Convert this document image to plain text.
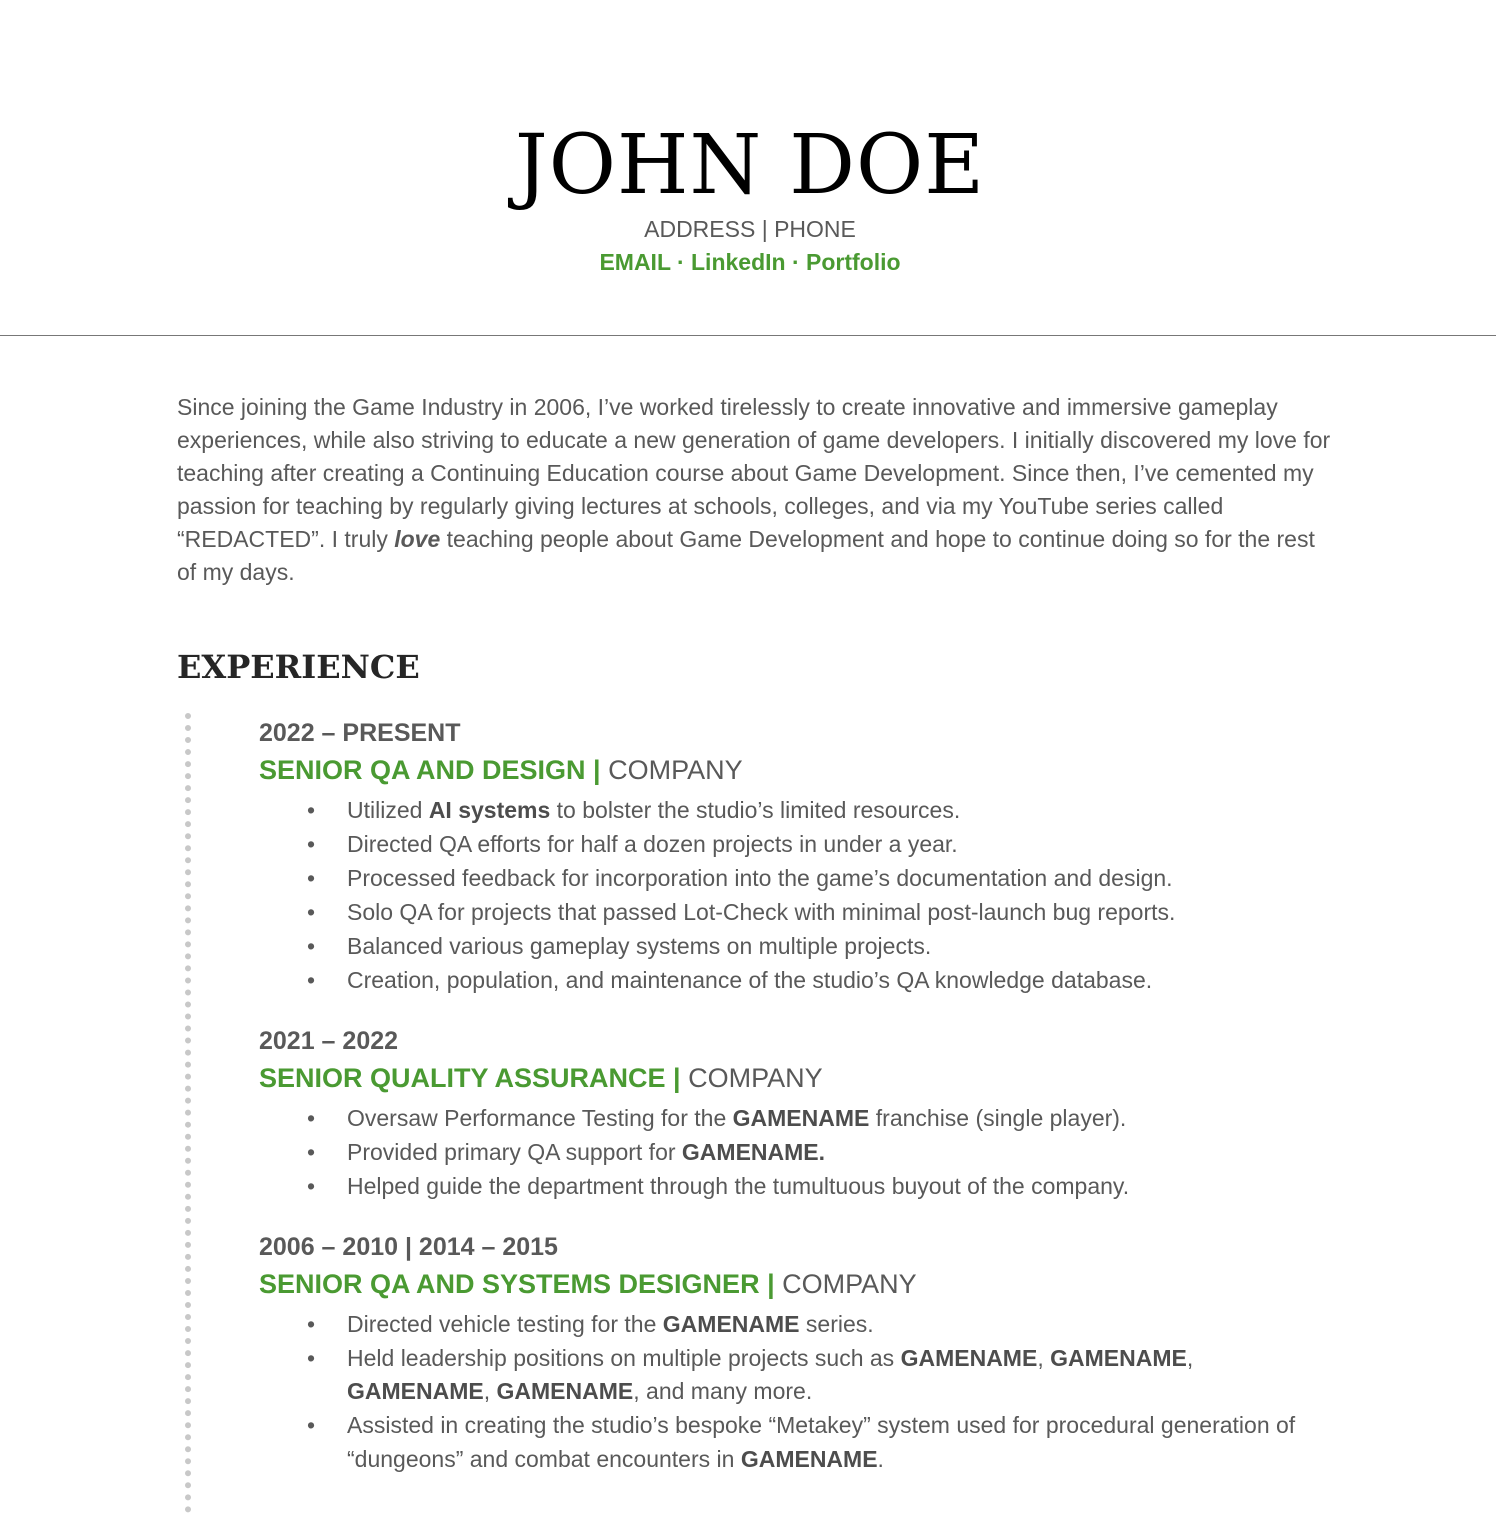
JOHN DOE
ADDRESS | PHONE
EMAIL · LinkedIn · Portfolio
Since joining the Game Industry in 2006, I’ve worked tirelessly to create innovative and immersive gameplay experiences, while also striving to educate a new generation of game developers. I initially discovered my love for teaching after creating a Continuing Education course about Game Development. Since then, I’ve cemented my passion for teaching by regularly giving lectures at schools, colleges, and via my YouTube series called “REDACTED”. I truly love teaching people about Game Development and hope to continue doing so for the rest of my days.
EXPERIENCE
2022 – PRESENT
SENIOR QA AND DESIGN | COMPANY
• Utilized AI systems to bolster the studio’s limited resources.
• Directed QA efforts for half a dozen projects in under a year.
• Processed feedback for incorporation into the game’s documentation and design.
• Solo QA for projects that passed Lot-Check with minimal post-launch bug reports.
• Balanced various gameplay systems on multiple projects.
• Creation, population, and maintenance of the studio’s QA knowledge database.
2021 – 2022
SENIOR QUALITY ASSURANCE | COMPANY
• Oversaw Performance Testing for the GAMENAME franchise (single player).
• Provided primary QA support for GAMENAME.
• Helped guide the department through the tumultuous buyout of the company.
2006 – 2010 | 2014 – 2015
SENIOR QA AND SYSTEMS DESIGNER | COMPANY
• Directed vehicle testing for the GAMENAME series.
• Held leadership positions on multiple projects such as GAMENAME, GAMENAME, GAMENAME, GAMENAME, and many more.
• Assisted in creating the studio’s bespoke “Metakey” system used for procedural generation of “dungeons” and combat encounters in GAMENAME.
